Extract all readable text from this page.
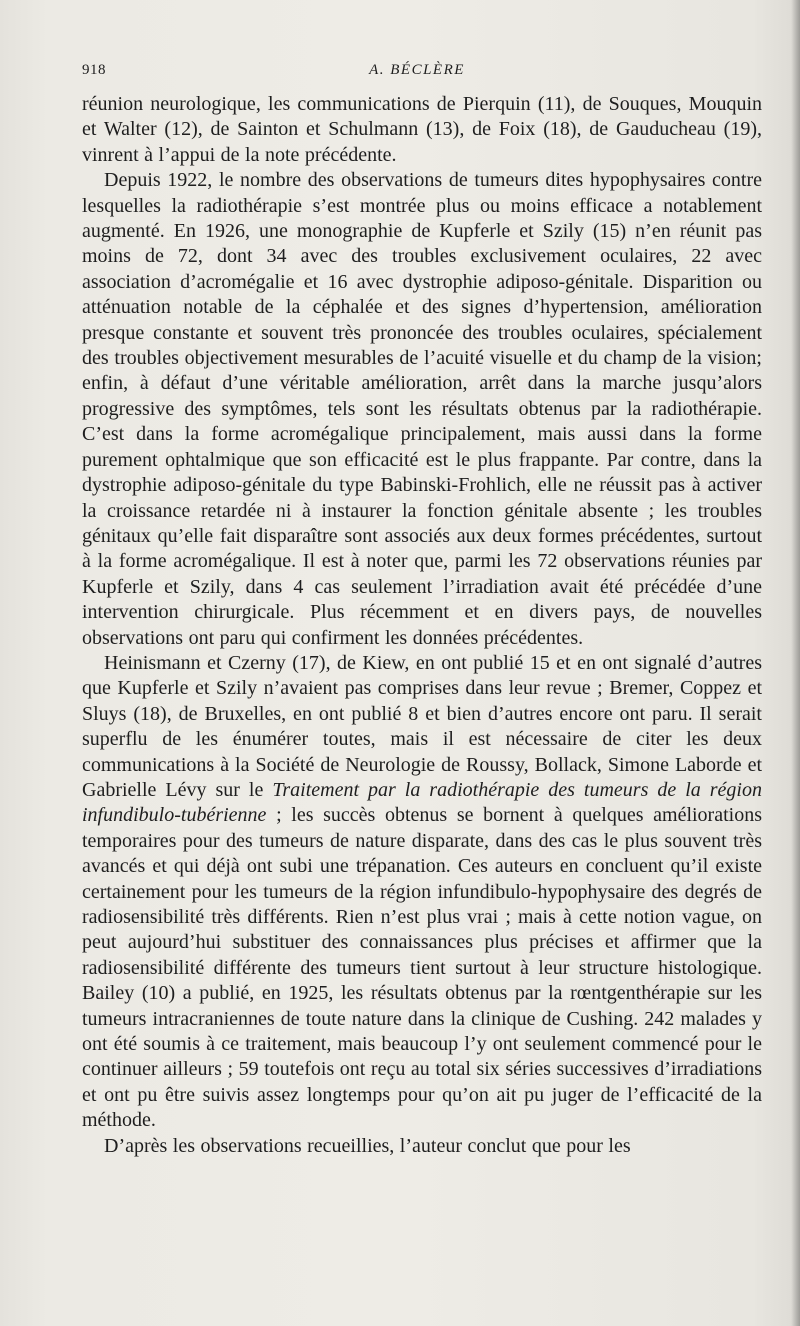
918	A. BÉCLÈRE

réunion neurologique, les communications de Pierquin (11), de Souques, Mouquin et Walter (12), de Sainton et Schulmann (13), de Foix (18), de Gauducheau (19), vinrent à l’appui de la note précédente.

Depuis 1922, le nombre des observations de tumeurs dites hypophysaires contre lesquelles la radiothérapie s’est montrée plus ou moins efficace a notablement augmenté. En 1926, une monographie de Kupferle et Szily (15) n’en réunit pas moins de 72, dont 34 avec des troubles exclusivement oculaires, 22 avec association d’acromégalie et 16 avec dystrophie adiposo-génitale. Disparition ou atténuation notable de la céphalée et des signes d’hypertension, amélioration presque constante et souvent très prononcée des troubles oculaires, spécialement des troubles objectivement mesurables de l’acuité visuelle et du champ de la vision; enfin, à défaut d’une véritable amélioration, arrêt dans la marche jusqu’alors progressive des symptômes, tels sont les résultats obtenus par la radiothérapie. C’est dans la forme acromégalique principalement, mais aussi dans la forme purement ophtalmique que son efficacité est le plus frappante. Par contre, dans la dystrophie adiposo-génitale du type Babinski-Frohlich, elle ne réussit pas à activer la croissance retardée ni à instaurer la fonction génitale absente ; les troubles génitaux qu’elle fait disparaître sont associés aux deux formes précédentes, surtout à la forme acromégalique. Il est à noter que, parmi les 72 observations réunies par Kupferle et Szily, dans 4 cas seulement l’irradiation avait été précédée d’une intervention chirurgicale. Plus récemment et en divers pays, de nouvelles observations ont paru qui confirment les données précédentes.

Heinismann et Czerny (17), de Kiew, en ont publié 15 et en ont signalé d’autres que Kupferle et Szily n’avaient pas comprises dans leur revue ; Bremer, Coppez et Sluys (18), de Bruxelles, en ont publié 8 et bien d’autres encore ont paru. Il serait superflu de les énumérer toutes, mais il est nécessaire de citer les deux communications à la Société de Neurologie de Roussy, Bollack, Simone Laborde et Gabrielle Lévy sur le Traitement par la radiothérapie des tumeurs de la région infundibulo-tubérienne ; les succès obtenus se bornent à quelques améliorations temporaires pour des tumeurs de nature disparate, dans des cas le plus souvent très avancés et qui déjà ont subi une trépanation. Ces auteurs en concluent qu’il existe certainement pour les tumeurs de la région infundibulo-hypophysaire des degrés de radiosensibilité très différents. Rien n’est plus vrai ; mais à cette notion vague, on peut aujourd’hui substituer des connaissances plus précises et affirmer que la radiosensibilité différente des tumeurs tient surtout à leur structure histologique. Bailey (10) a publié, en 1925, les résultats obtenus par la rœntgenthérapie sur les tumeurs intracraniennes de toute nature dans la clinique de Cushing. 242 malades y ont été soumis à ce traitement, mais beaucoup l’y ont seulement commencé pour le continuer ailleurs ; 59 toutefois ont reçu au total six séries successives d’irradiations et ont pu être suivis assez longtemps pour qu’on ait pu juger de l’efficacité de la méthode.

D’après les observations recueillies, l’auteur conclut que pour les
